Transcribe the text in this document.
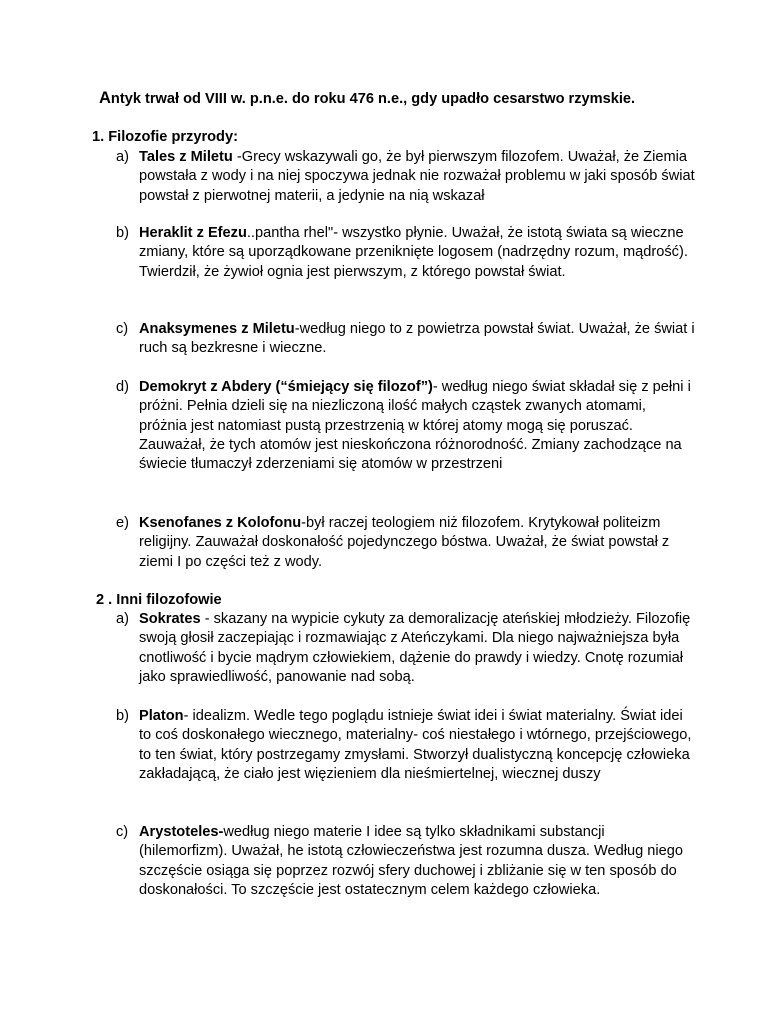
Antyk trwał od VIII w. p.n.e. do roku 476 n.e., gdy upadło cesarstwo rzymskie.
1. Filozofie przyrody:
a) Tales z Miletu -Grecy wskazywali go, że był pierwszym filozofem. Uważał, że Ziemia powstała z wody i na niej spoczywa jednak nie rozważał problemu w jaki sposób świat powstał z pierwotnej materii, a jedynie na nią wskazał
b) Heraklit z Efezu..pantha rhel"- wszystko płynie. Uważał, że istotą świata są wieczne zmiany, które są uporządkowane przeniknięte logosem (nadrzędny rozum, mądrość). Twierdził, że żywioł ognia jest pierwszym, z którego powstał świat.
c) Anaksymenes z Miletu-według niego to z powietrza powstał świat. Uważał, że świat i ruch są bezkresne i wieczne.
d) Demokryt z Abdery (“śmiejący się filozof”)- według niego świat składał się z pełni i próżni. Pełnia dzieli się na niezliczoną ilość małych cząstek zwanych atomami, próżnia jest natomiast pustą przestrzenią w której atomy mogą się poruszać. Zauważał, że tych atomów jest nieskończona różnorodność. Zmiany zachodzące na świecie tłumaczył zderzeniami się atomów w przestrzeni
e) Ksenofanes z Kolofonu-był raczej teologiem niż filozofem. Krytykował politeizm religijny. Zauważał doskonałość pojedynczego bóstwa. Uważał, że świat powstał z ziemi I po części też z wody.
2 . Inni filozofowie
a) Sokrates - skazany na wypicie cykuty za demoralizację ateńskiej młodzieży. Filozofię swoją głosił zaczepiając i rozmawiając z Ateńczykami. Dla niego najważniejsza była cnotliwość i bycie mądrym człowiekiem, dążenie do prawdy i wiedzy. Cnotę rozumiał jako sprawiedliwość, panowanie nad sobą.
b) Platon- idealizm. Wedle tego poglądu istnieje świat idei i świat materialny. Świat idei to coś doskonałego wiecznego, materialny- coś niestałego i wtórnego, przejściowego, to ten świat, który postrzegamy zmysłami. Stworzył dualistyczną koncepcję człowieka zakładającą, że ciało jest więzieniem dla nieśmiertelnej, wiecznej duszy
c) Arystoteles-według niego materie I idee są tylko składnikami substancji (hilemorfizm). Uważał, he istotą człowieczeństwa jest rozumna dusza. Według niego szczęście osiąga się poprzez rozwój sfery duchowej i zbliżanie się w ten sposób do doskonałości. To szczęście jest ostatecznym celem każdego człowieka.
